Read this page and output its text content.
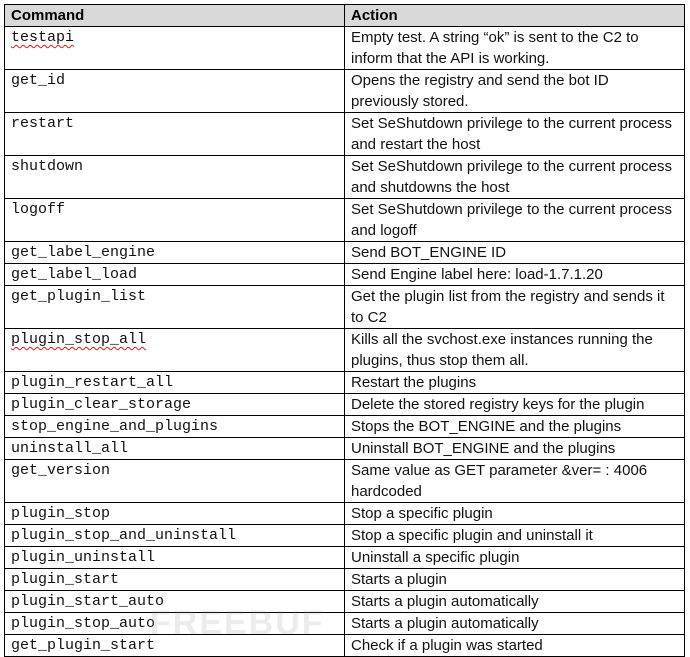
Command	Action
testapi	Empty test. A string “ok” is sent to the C2 to inform that the API is working.
get_id	Opens the registry and send the bot ID previously stored.
restart	Set SeShutdown privilege to the current process and restart the host
shutdown	Set SeShutdown privilege to the current process and shutdowns the host
logoff	Set SeShutdown privilege to the current process and logoff
get_label_engine	Send BOT_ENGINE ID
get_label_load	Send Engine label here: load-1.7.1.20
get_plugin_list	Get the plugin list from the registry and sends it to C2
plugin_stop_all	Kills all the svchost.exe instances running the plugins, thus stop them all.
plugin_restart_all	Restart the plugins
plugin_clear_storage	Delete the stored registry keys for the plugin
stop_engine_and_plugins	Stops the BOT_ENGINE and the plugins
uninstall_all	Uninstall BOT_ENGINE and the plugins
get_version	Same value as GET parameter &ver= : 4006 hardcoded
plugin_stop	Stop a specific plugin
plugin_stop_and_uninstall	Stop a specific plugin and uninstall it
plugin_uninstall	Uninstall a specific plugin
plugin_start	Starts a plugin
plugin_start_auto	Starts a plugin automatically
plugin_stop_auto	Starts a plugin automatically
get_plugin_start	Check if a plugin was started
FREEBUF
